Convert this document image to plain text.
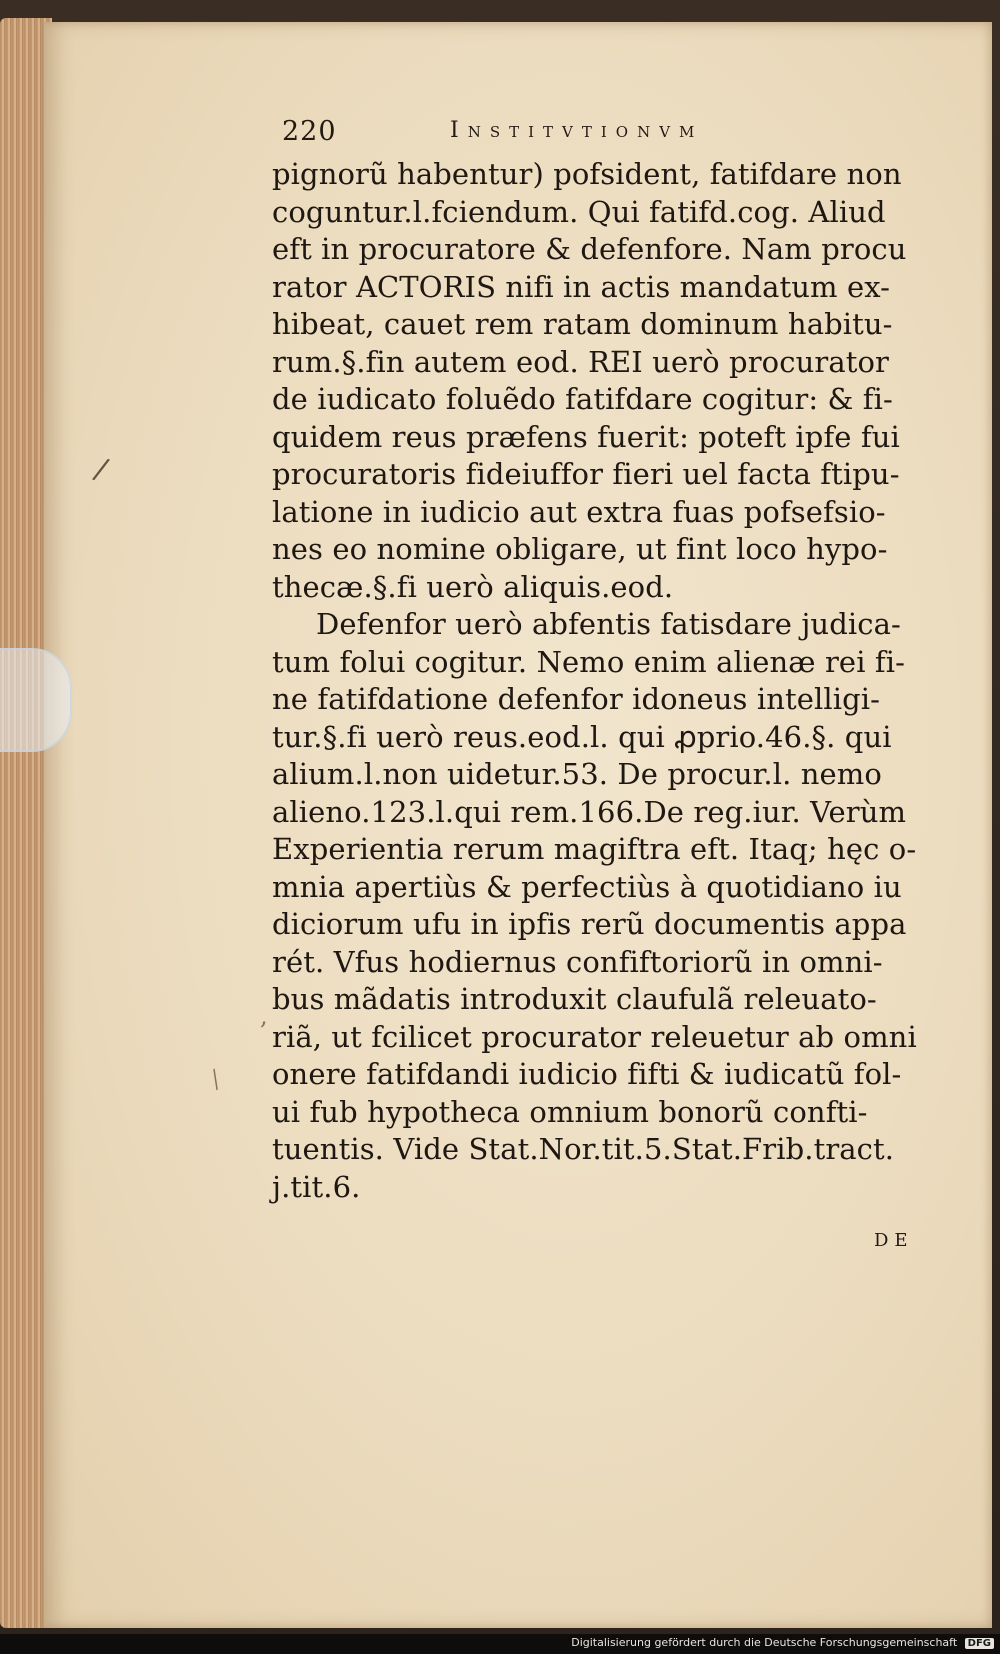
220	Institvtionvm
pignorũ habentur) pofsident, fatifdare non
coguntur.l.fciendum. Qui fatifd.cog. Aliud
eft in procuratore & defenfore. Nam procu
rator ACTORIS nifi in actis mandatum ex-
hibeat, cauet rem ratam dominum habitu-
rum.§.fin autem eod. REI uerò procurator
de iudicato foluẽdo fatifdare cogitur: & fi-
quidem reus præfens fuerit: poteft ipfe fui
procuratoris fideiuffor fieri uel facta ftipu-
latione in iudicio aut extra fuas pofsefsio-
nes eo nomine obligare, ut fint loco hypo-
thecæ.§.fi uerò aliquis.eod.
Defenfor uerò abfentis fatisdare judica-
tum folui cogitur. Nemo enim alienæ rei fi-
ne fatifdatione defenfor idoneus intelligi-
tur.§.fi uerò reus.eod.l. qui ꝓprio.46.§. qui
alium.l.non uidetur.53. De procur.l. nemo
alieno.123.l.qui rem.166.De reg.iur. Verùm
Experientia rerum magiftra eft. Itaq; hęc o-
mnia apertiùs & perfectiùs à quotidiano iu
diciorum ufu in ipfis rerũ documentis appa
rét. Vfus hodiernus confiftoriorũ in omni-
bus mãdatis introduxit claufulã releuato-
riã, ut fcilicet procurator releuetur ab omni
onere fatifdandi iudicio fifti & iudicatũ fol-
ui fub hypotheca omnium bonorũ confti-
tuentis. Vide Stat.Nor.tit.5.Stat.Frib.tract.
j.tit.6.
DE
/
⁄
,
Digitalisierung gefördert durch die Deutsche Forschungsgemeinschaft DFG
